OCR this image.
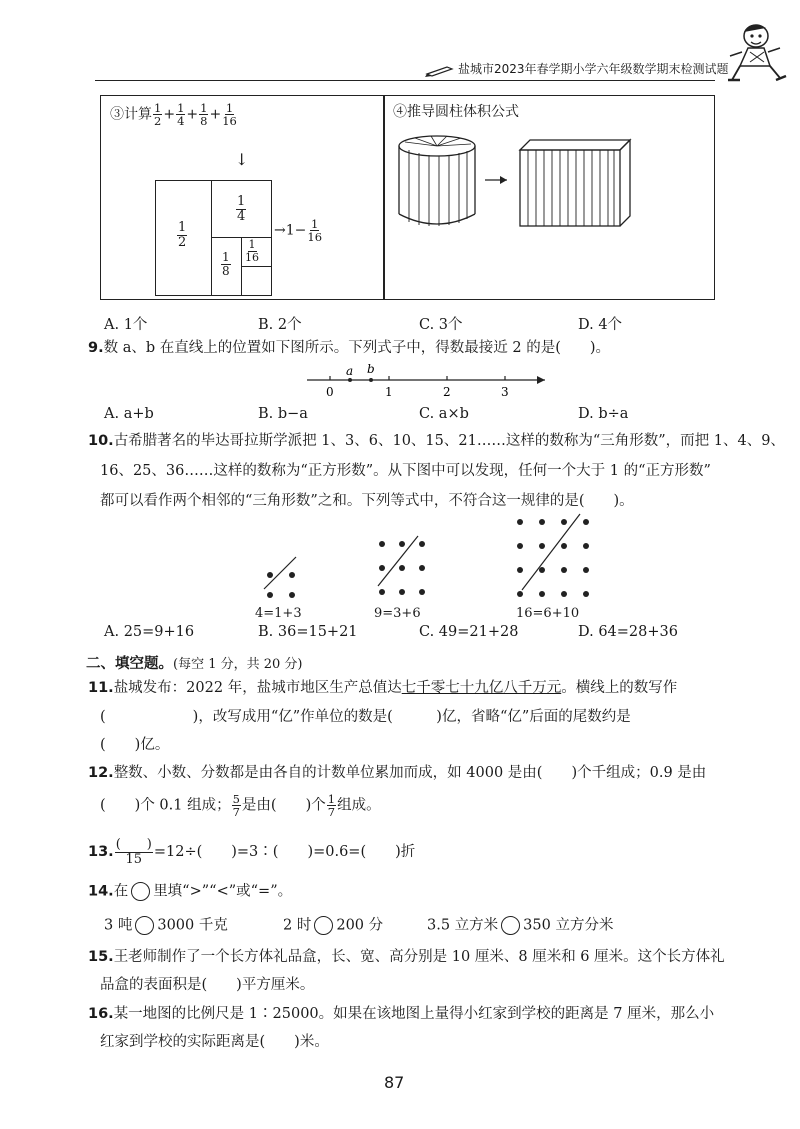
盐城市2023年春学期小学六年级数学期末检测试题
③计算 $\frac{1}{2} + \frac{1}{4} + \frac{1}{8} + \frac{1}{16}$
↓
$\frac{1}{2}$
$\frac{1}{4}$
$\frac{1}{8} \frac{1}{16}$
$\to 1- \frac{1}{16}$
④推导圆柱体积公式
A. 1个	B. 2个	C. 3个	D. 4个
9.数 a、b 在直线上的位置如下图所示。下列式子中，得数最接近 2 的是(　　)。
a b
0	1	2	3
A. a+b	B. b−a	C. a×b	D. b÷a
10.古希腊著名的毕达哥拉斯学派把 1、3、6、10、15、21……这样的数称为“三角形数”，而把 1、4、9、
16、25、36……这样的数称为“正方形数”。从下图中可以发现，任何一个大于 1 的“正方形数”
都可以看作两个相邻的“三角形数”之和。下列等式中，不符合这一规律的是(　　)。
4=1+3	9=3+6	16=6+10
A. 25=9+16	B. 36=15+21	C. 49=21+28	D. 64=28+36
二、填空题。(每空 1 分，共 20 分)
11.盐城发布：2022 年，盐城市地区生产总值达七千零七十九亿八千万元。横线上的数写作
(　　　　　　)，改写成用“亿”作单位的数是(　　　)亿，省略“亿”后面的尾数约是
(　　)亿。
12.整数、小数、分数都是由各自的计数单位累加而成，如 4000 是由(　　)个千组成；0.9 是由
(　　)个 0.1 组成； $\frac{5}{7}$ 是由(　　)个 $\frac{1}{7}$ 组成。
13. $\frac{( )}{15} =12\div$(　　)=3∶(　　)=0.6=(　　)折
14.在 里填“>”“<”或“=”。
3 吨 3000 千克	2 时 200 分	3.5 立方米 350 立方分米
15.王老师制作了一个长方体礼品盒，长、宽、高分别是 10 厘米、8 厘米和 6 厘米。这个长方体礼
品盒的表面积是(　　)平方厘米。
16.某一地图的比例尺是 1∶25000。如果在该地图上量得小红家到学校的距离是 7 厘米，那么小
红家到学校的实际距离是(　　)米。
87
